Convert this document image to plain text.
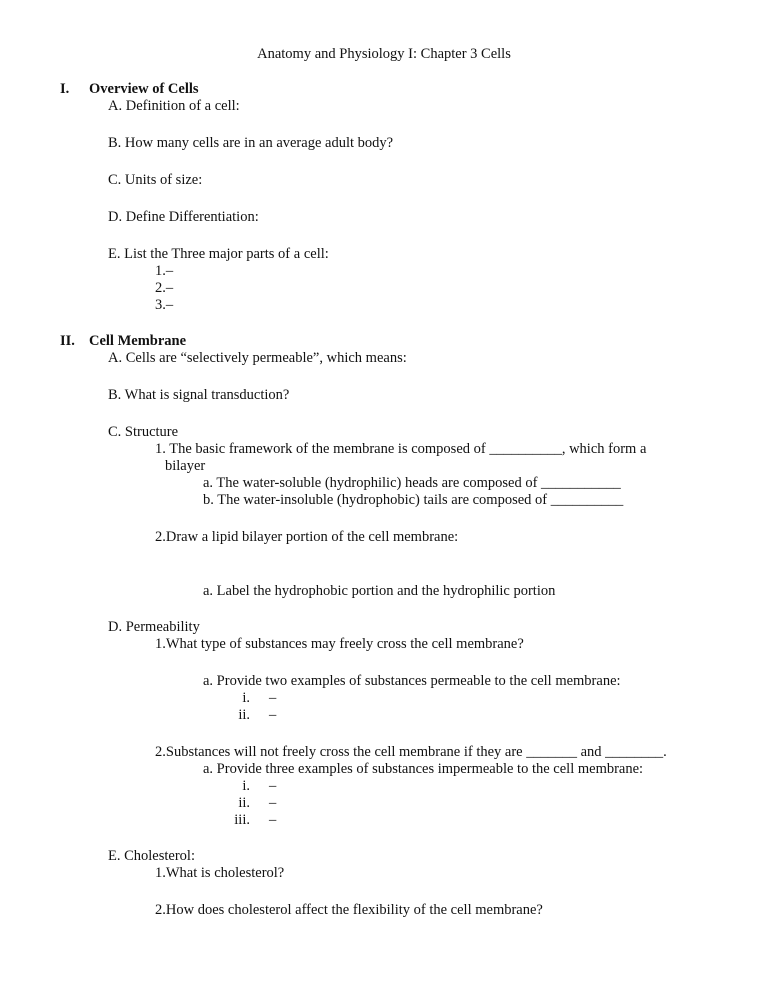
Anatomy and Physiology I: Chapter 3 Cells
I. Overview of Cells
A. Definition of a cell:
B. How many cells are in an average adult body?
C. Units of size:
D. Define Differentiation:
E. List the Three major parts of a cell:
1.–
2.–
3.–
II. Cell Membrane
A. Cells are “selectively permeable”, which means:
B. What is signal transduction?
C. Structure
1. The basic framework of the membrane is composed of __________, which form a
bilayer
a. The water-soluble (hydrophilic) heads are composed of ___________
b. The water-insoluble (hydrophobic) tails are composed of __________
2.Draw a lipid bilayer portion of the cell membrane:
a. Label the hydrophobic portion and the hydrophilic portion
D. Permeability
1.What type of substances may freely cross the cell membrane?
a. Provide two examples of substances permeable to the cell membrane:
i. –
ii. –
2.Substances will not freely cross the cell membrane if they are _______ and ________.
a. Provide three examples of substances impermeable to the cell membrane:
i. –
ii. –
iii. –
E. Cholesterol:
1.What is cholesterol?
2.How does cholesterol affect the flexibility of the cell membrane?
